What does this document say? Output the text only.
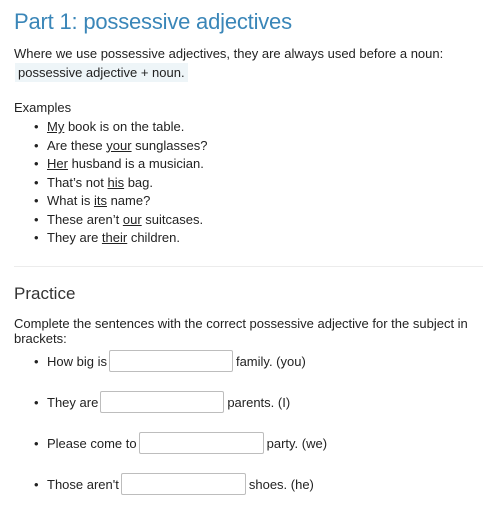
Part 1: possessive adjectives
Where we use possessive adjectives, they are always used before a noun:
possessive adjective + noun.
Examples
• My book is on the table.
• Are these your sunglasses?
• Her husband is a musician.
• That’s not his bag.
• What is its name?
• These aren’t our suitcases.
• They are their children.
Practice
Complete the sentences with the correct possessive adjective for the subject in brackets:
• How big is	family. (you)
• They are	parents. (I)
• Please come to	party. (we)
• Those aren't	shoes. (he)
